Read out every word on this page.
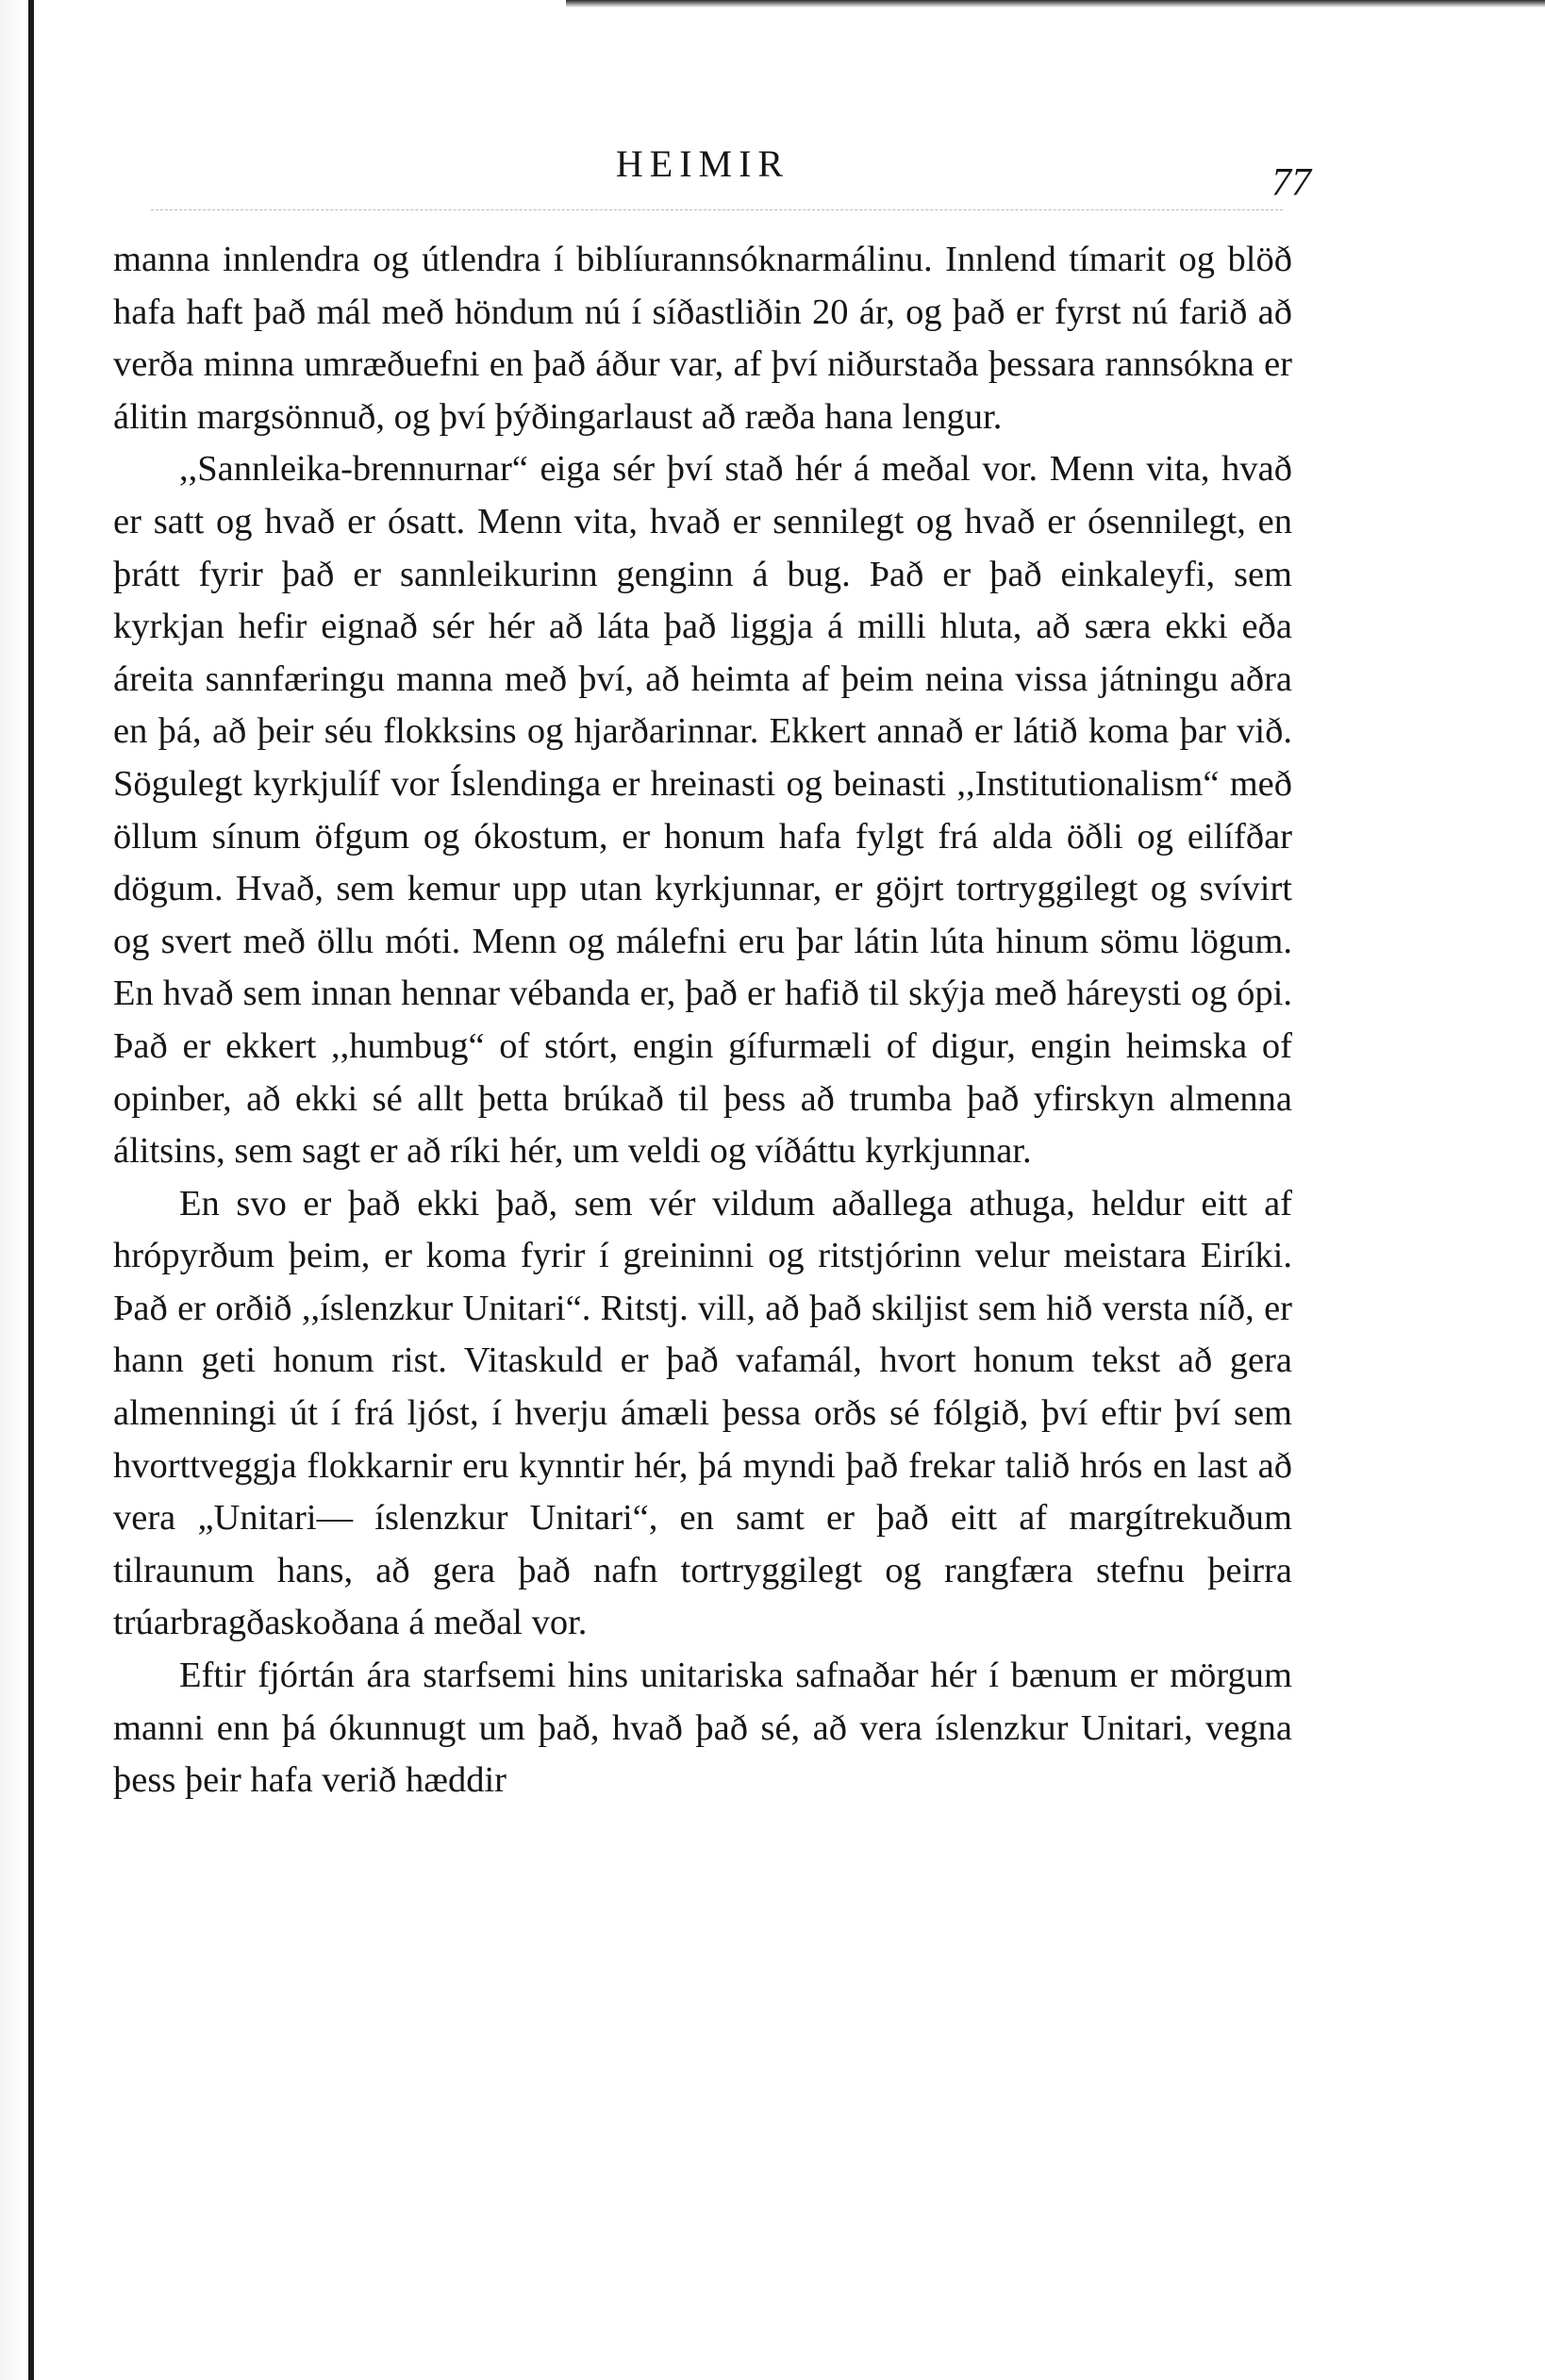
HEIMIR	77

manna innlendra og útlendra í biblíurannsóknarmálinu. Innlend tímarit og blöð hafa haft það mál með höndum nú í síðastliðin 20 ár, og það er fyrst nú farið að verða minna umræðuefni en það áður var, af því niðurstaða þessara rannsókna er álitin margsönnuð, og því þýðingarlaust að ræða hana lengur.

,,Sannleika-brennurnar“ eiga sér því stað hér á meðal vor. Menn vita, hvað er satt og hvað er ósatt. Menn vita, hvað er sennilegt og hvað er ósennilegt, en þrátt fyrir það er sannleikurinn genginn á bug. Það er það einkaleyfi, sem kyrkjan hefir eignað sér hér að láta það liggja á milli hluta, að særa ekki eða áreita sannfæringu manna með því, að heimta af þeim neina vissa játningu aðra en þá, að þeir séu flokksins og hjarðarinnar. Ekkert annað er látið koma þar við. Sögulegt kyrkjulíf vor Íslendinga er hreinasti og beinasti ,,Institutionalism“ með öllum sínum öfgum og ókostum, er honum hafa fylgt frá alda öðli og eilífðar dögum. Hvað, sem kemur upp utan kyrkjunnar, er göjrt tortryggilegt og svívirt og svert með öllu móti. Menn og málefni eru þar látin lúta hinum sömu lögum. En hvað sem innan hennar vébanda er, það er hafið til skýja með háreysti og ópi. Það er ekkert ,,humbug“ of stórt, engin gífurmæli of digur, engin heimska of opinber, að ekki sé allt þetta brúkað til þess að trumba það yfirskyn almenna álitsins, sem sagt er að ríki hér, um veldi og víðáttu kyrkjunnar.

En svo er það ekki það, sem vér vildum aðallega athuga, heldur eitt af hrópyrðum þeim, er koma fyrir í greininni og ritstjórinn velur meistara Eiríki. Það er orðið ,,íslenzkur Unitari“. Ritstj. vill, að það skiljist sem hið versta níð, er hann geti honum rist. Vitaskuld er það vafamál, hvort honum tekst að gera almenningi út í frá ljóst, í hverju ámæli þessa orðs sé fólgið, því eftir því sem hvorttveggja flokkarnir eru kynntir hér, þá myndi það frekar talið hrós en last að vera „Unitari— íslenzkur Unitari“, en samt er það eitt af margítrekuðum tilraunum hans, að gera það nafn tortryggilegt og rangfæra stefnu þeirra trúarbragðaskoðana á meðal vor.

Eftir fjórtán ára starfsemi hins unitariska safnaðar hér í bænum er mörgum manni enn þá ókunnugt um það, hvað það sé, að vera íslenzkur Unitari, vegna þess þeir hafa verið hæddir
